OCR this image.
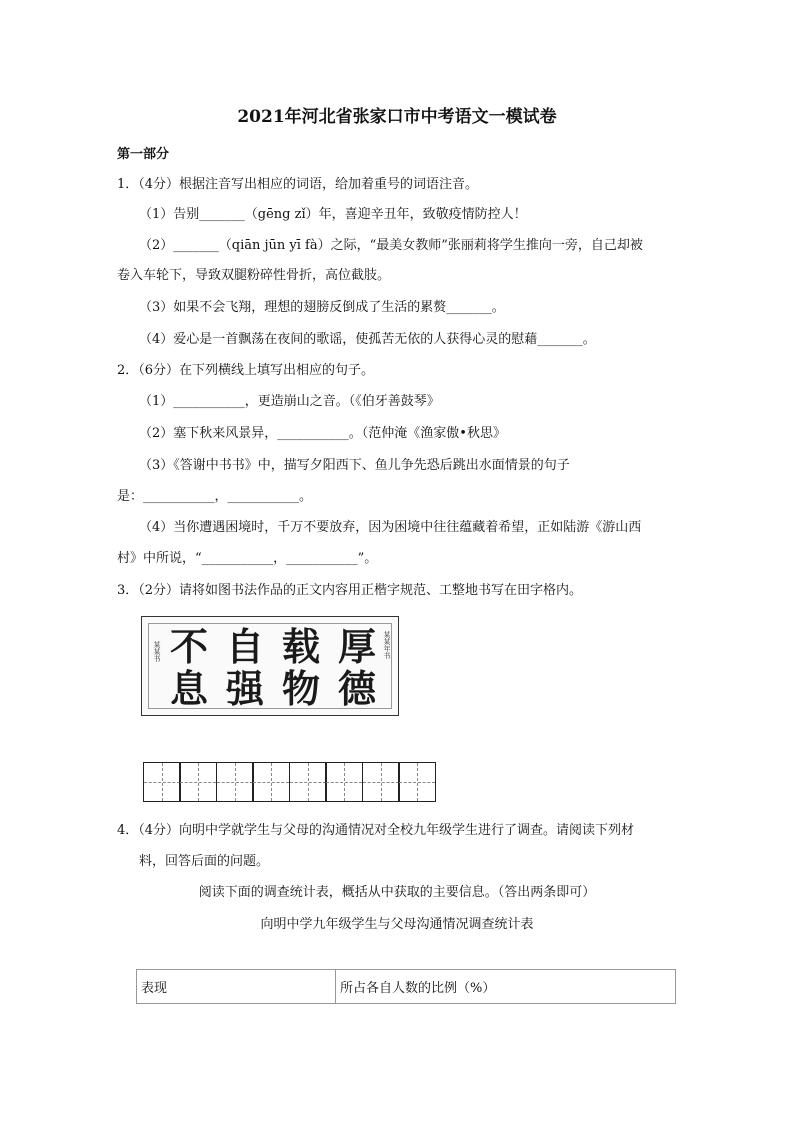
2021年河北省张家口市中考语文一模试卷
第一部分
1．（4分）根据注音写出相应的词语，给加着重号的词语注音。
（1）告别_______（gēng zǐ）年，喜迎辛丑年，致敬疫情防控人！
（2）_______（qiān jūn yī fà）之际，“最美女教师”张丽莉将学生推向一旁，自己却被
卷入车轮下，导致双腿粉碎性骨折，高位截肢。
（3）如果不会飞翔，理想的翅膀反倒成了生活的累赘_______。
（4）爱心是一首飘荡在夜间的歌谣，使孤苦无依的人获得心灵的慰藉_______。
2．（6分）在下列横线上填写出相应的句子。
（1）___________，更造崩山之音。（《伯牙善鼓琴》
（2）塞下秋来风景异，___________。（范仲淹《渔家傲•秋思》
（3）《答谢中书书》中，描写夕阳西下、鱼儿争先恐后跳出水面情景的句子
是：___________，___________。
（4）当你遭遇困境时，千万不要放弃，因为困境中往往蕴藏着希望，正如陆游《游山西
村》中所说，“___________，___________”。
3．（2分）请将如图书法作品的正文内容用正楷字规范、工整地书写在田字格内。
厚
德
载
物
自
强
不
息
某某年书
某某书
4．（4分）向明中学就学生与父母的沟通情况对全校九年级学生进行了调查。请阅读下列材
料，回答后面的问题。
阅读下面的调查统计表，概括从中获取的主要信息。（答出两条即可）
向明中学九年级学生与父母沟通情况调查统计表
表现	所占各自人数的比例（%）
